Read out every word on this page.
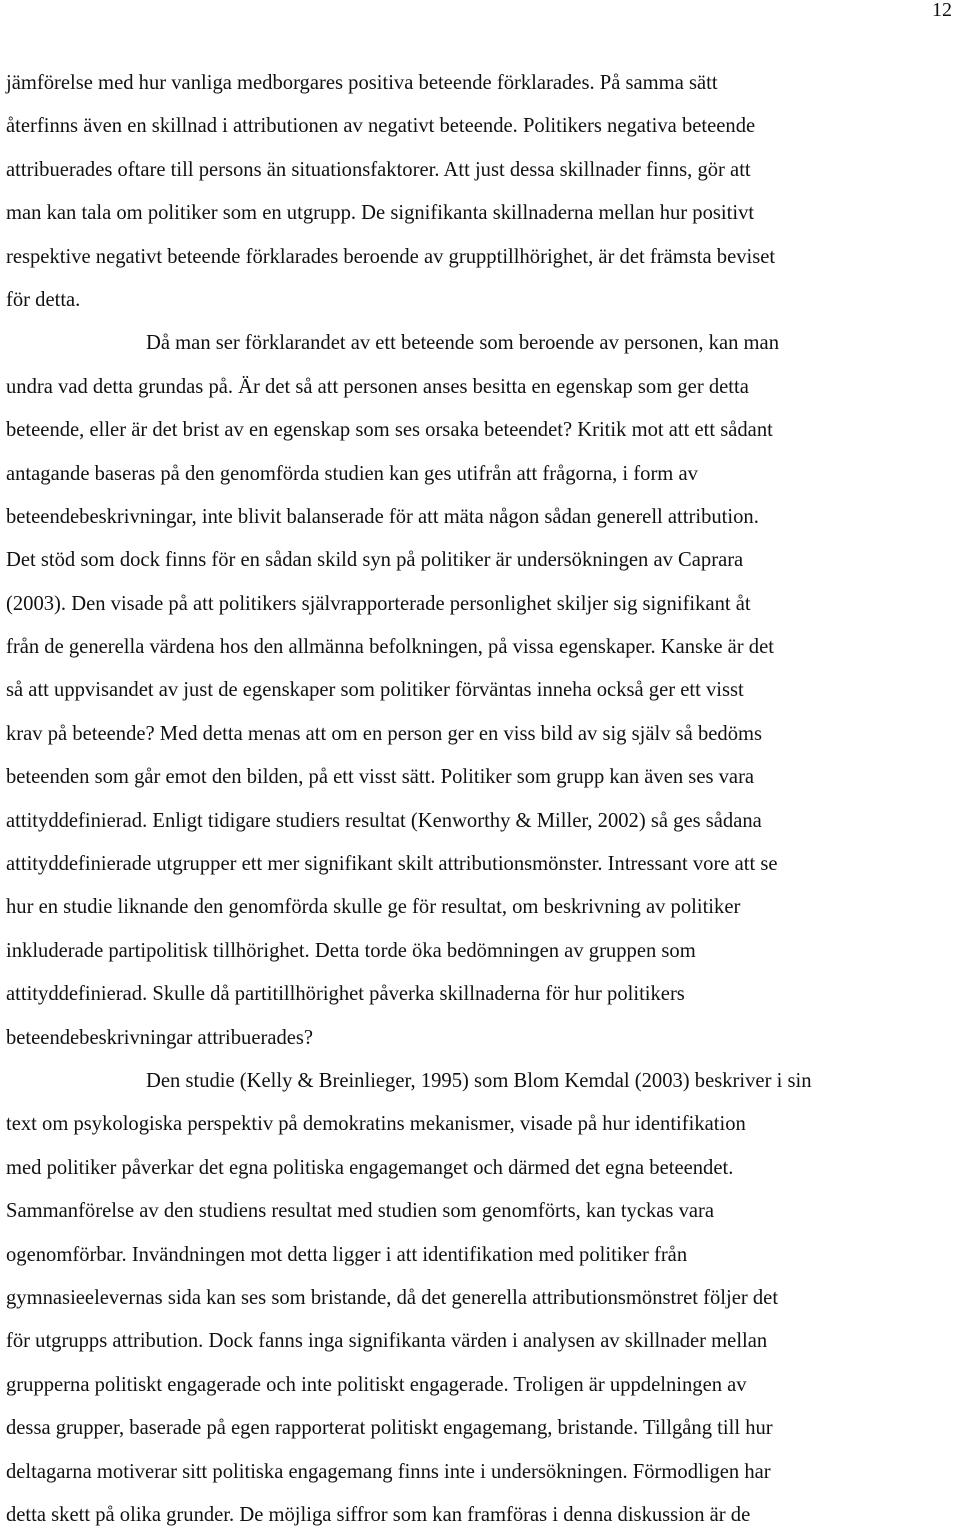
12
jämförelse med hur vanliga medborgares positiva beteende förklarades. På samma sätt
återfinns även en skillnad i attributionen av negativt beteende. Politikers negativa beteende
attribuerades oftare till persons än situationsfaktorer. Att just dessa skillnader finns, gör att
man kan tala om politiker som en utgrupp. De signifikanta skillnaderna mellan hur positivt
respektive negativt beteende förklarades beroende av grupptillhörighet, är det främsta beviset
för detta.
Då man ser förklarandet av ett beteende som beroende av personen, kan man
undra vad detta grundas på. Är det så att personen anses besitta en egenskap som ger detta
beteende, eller är det brist av en egenskap som ses orsaka beteendet? Kritik mot att ett sådant
antagande baseras på den genomförda studien kan ges utifrån att frågorna, i form av
beteendebeskrivningar, inte blivit balanserade för att mäta någon sådan generell attribution.
Det stöd som dock finns för en sådan skild syn på politiker är undersökningen av Caprara
(2003). Den visade på att politikers självrapporterade personlighet skiljer sig signifikant åt
från de generella värdena hos den allmänna befolkningen, på vissa egenskaper. Kanske är det
så att uppvisandet av just de egenskaper som politiker förväntas inneha också ger ett visst
krav på beteende? Med detta menas att om en person ger en viss bild av sig själv så bedöms
beteenden som går emot den bilden, på ett visst sätt. Politiker som grupp kan även ses vara
attityddefinierad. Enligt tidigare studiers resultat (Kenworthy & Miller, 2002) så ges sådana
attityddefinierade utgrupper ett mer signifikant skilt attributionsmönster. Intressant vore att se
hur en studie liknande den genomförda skulle ge för resultat, om beskrivning av politiker
inkluderade partipolitisk tillhörighet. Detta torde öka bedömningen av gruppen som
attityddefinierad. Skulle då partitillhörighet påverka skillnaderna för hur politikers
beteendebeskrivningar attribuerades?
Den studie (Kelly & Breinlieger, 1995) som Blom Kemdal (2003) beskriver i sin
text om psykologiska perspektiv på demokratins mekanismer, visade på hur identifikation
med politiker påverkar det egna politiska engagemanget och därmed det egna beteendet.
Sammanförelse av den studiens resultat med studien som genomförts, kan tyckas vara
ogenomförbar. Invändningen mot detta ligger i att identifikation med politiker från
gymnasieelevernas sida kan ses som bristande, då det generella attributionsmönstret följer det
för utgrupps attribution. Dock fanns inga signifikanta värden i analysen av skillnader mellan
grupperna politiskt engagerade och inte politiskt engagerade. Troligen är uppdelningen av
dessa grupper, baserade på egen rapporterat politiskt engagemang, bristande. Tillgång till hur
deltagarna motiverar sitt politiska engagemang finns inte i undersökningen. Förmodligen har
detta skett på olika grunder. De möjliga siffror som kan framföras i denna diskussion är de
